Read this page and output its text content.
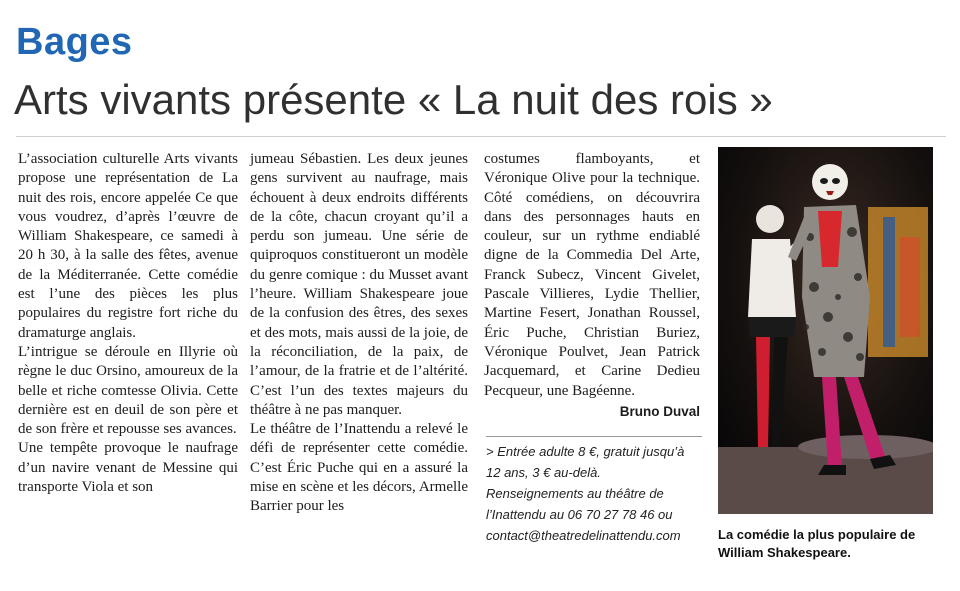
Bages
Arts vivants présente « La nuit des rois »

L’association culturelle Arts vivants propose une représentation de La nuit des rois, encore appelée Ce que vous voudrez, d’après l’œuvre de William Shakespeare, ce samedi à 20 h 30, à la salle des fêtes, avenue de la Méditerranée. Cette comédie est l’une des pièces les plus populaires du registre fort riche du dramaturge anglais.

L’intrigue se déroule en Illyrie où règne le duc Orsino, amoureux de la belle et riche comtesse Olivia. Cette dernière est en deuil de son père et de son frère et repousse ses avances.

Une tempête provoque le naufrage d’un navire venant de Messine qui transporte Viola et son

jumeau Sébastien. Les deux jeunes gens survivent au naufrage, mais échouent à deux endroits différents de la côte, chacun croyant qu’il a perdu son jumeau. Une série de quiproquos constitueront un modèle du genre comique : du Musset avant l’heure. William Shakespeare joue de la confusion des êtres, des sexes et des mots, mais aussi de la joie, de la réconciliation, de la paix, de l’amour, de la fratrie et de l’altérité. C’est l’un des textes majeurs du théâtre à ne pas manquer.

Le théâtre de l’Inattendu a relevé le défi de représenter cette comédie. C’est Éric Puche qui en a assuré la mise en scène et les décors, Armelle Barrier pour les

costumes flamboyants, et Véronique Olive pour la technique. Côté comédiens, on découvrira dans des personnages hauts en couleur, sur un rythme endiablé digne de la Commedia Del Arte, Franck Subecz, Vincent Givelet, Pascale Villieres, Lydie Thellier, Martine Fesert, Jonathan Roussel, Éric Puche, Christian Buriez, Véronique Poulvet, Jean Patrick Jacquemard, et Carine Dedieu Pecqueur, une Bagéenne.

Bruno Duval
> Entrée adulte 8 €, gratuit jusqu’à 12 ans, 3 € au-delà. Renseignements au théâtre de l’Inattendu au 06 70 27 78 46 ou contact@theatredelinattendu.com	La comédie la plus populaire de William Shakespeare.
